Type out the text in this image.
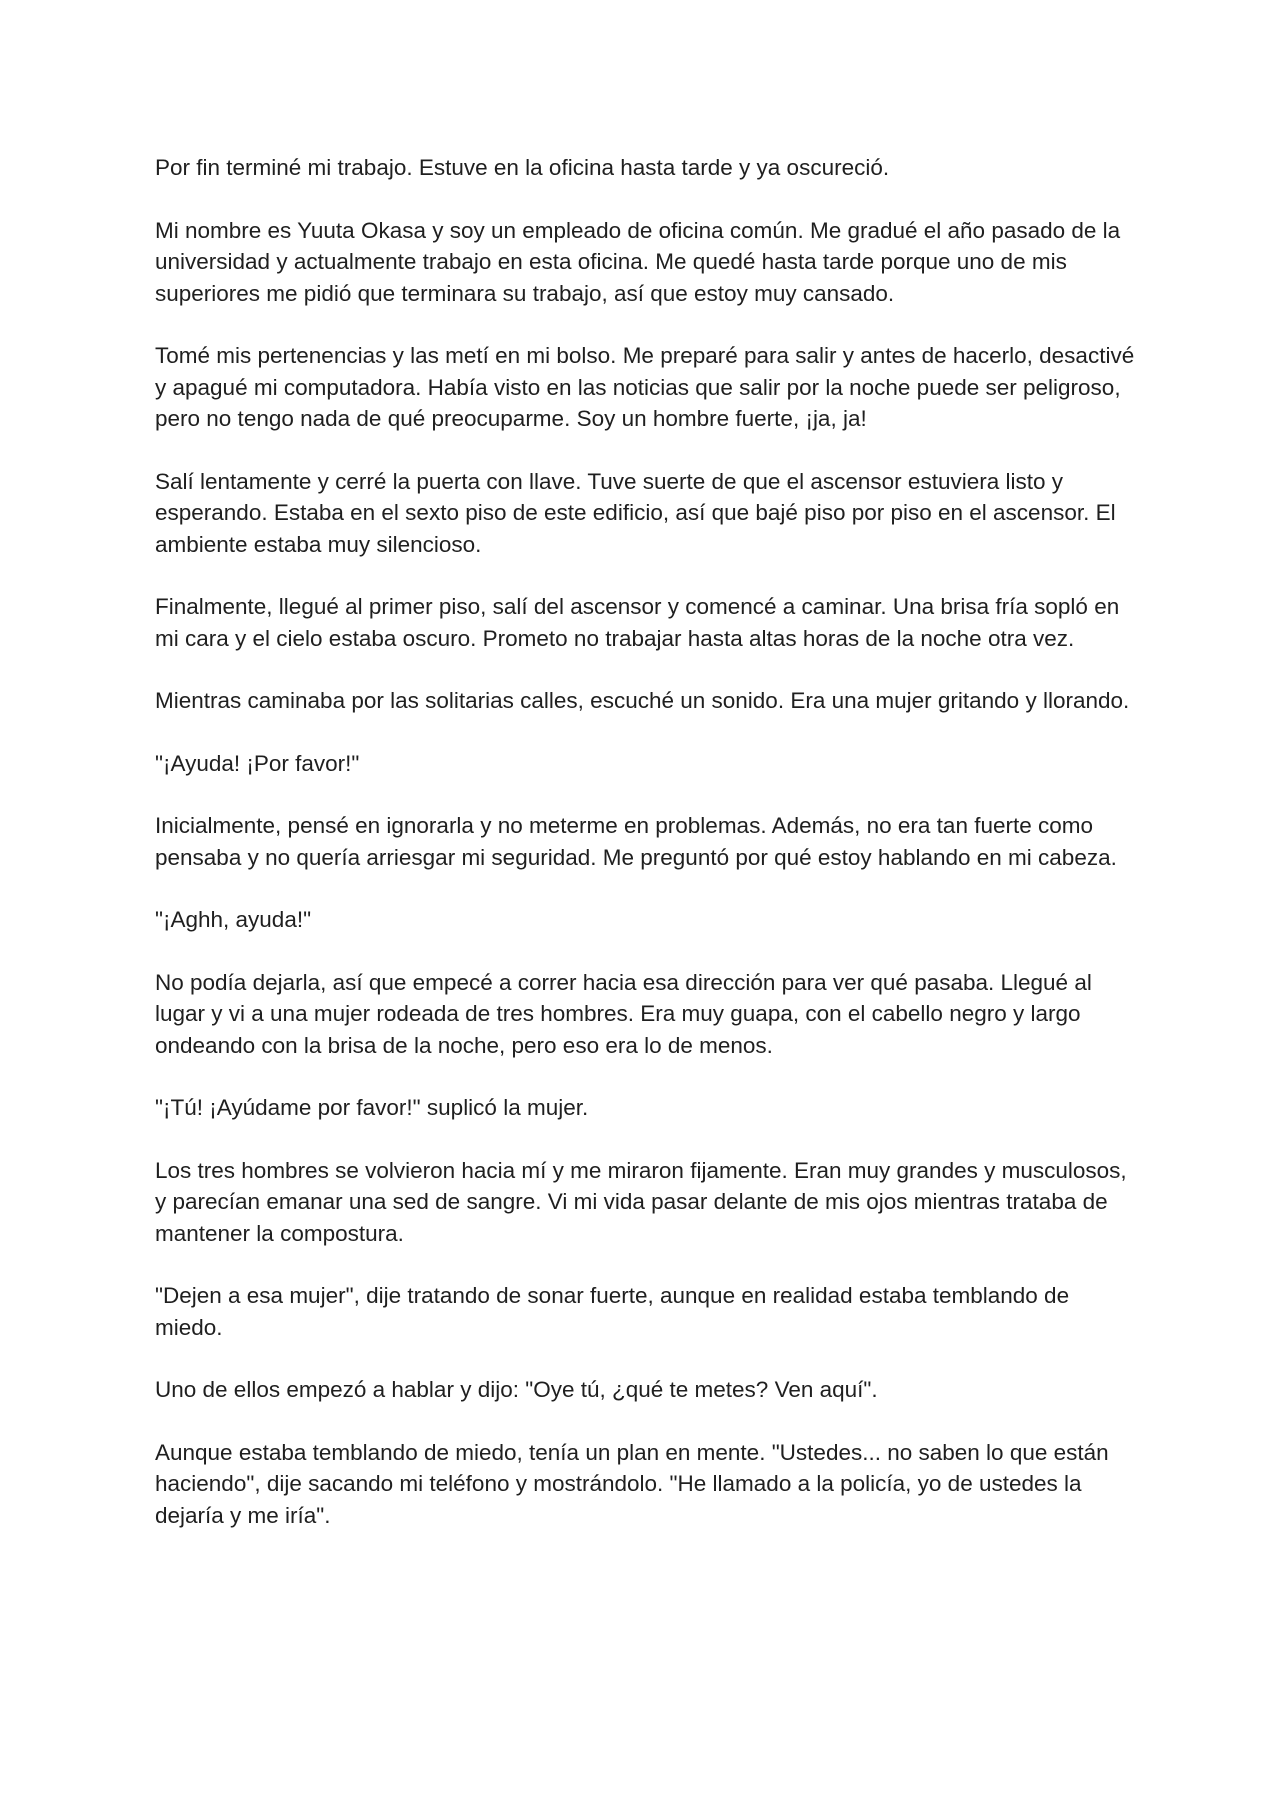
Por fin terminé mi trabajo. Estuve en la oficina hasta tarde y ya oscureció.

Mi nombre es Yuuta Okasa y soy un empleado de oficina común. Me gradué el año pasado de la universidad y actualmente trabajo en esta oficina. Me quedé hasta tarde porque uno de mis superiores me pidió que terminara su trabajo, así que estoy muy cansado.

Tomé mis pertenencias y las metí en mi bolso. Me preparé para salir y antes de hacerlo, desactivé y apagué mi computadora. Había visto en las noticias que salir por la noche puede ser peligroso, pero no tengo nada de qué preocuparme. Soy un hombre fuerte, ¡ja, ja!

Salí lentamente y cerré la puerta con llave. Tuve suerte de que el ascensor estuviera listo y esperando. Estaba en el sexto piso de este edificio, así que bajé piso por piso en el ascensor. El ambiente estaba muy silencioso.

Finalmente, llegué al primer piso, salí del ascensor y comencé a caminar. Una brisa fría sopló en mi cara y el cielo estaba oscuro. Prometo no trabajar hasta altas horas de la noche otra vez.

Mientras caminaba por las solitarias calles, escuché un sonido. Era una mujer gritando y llorando.

"¡Ayuda! ¡Por favor!"

Inicialmente, pensé en ignorarla y no meterme en problemas. Además, no era tan fuerte como pensaba y no quería arriesgar mi seguridad. Me preguntó por qué estoy hablando en mi cabeza.

"¡Aghh, ayuda!"

No podía dejarla, así que empecé a correr hacia esa dirección para ver qué pasaba. Llegué al lugar y vi a una mujer rodeada de tres hombres. Era muy guapa, con el cabello negro y largo ondeando con la brisa de la noche, pero eso era lo de menos.

"¡Tú! ¡Ayúdame por favor!" suplicó la mujer.

Los tres hombres se volvieron hacia mí y me miraron fijamente. Eran muy grandes y musculosos, y parecían emanar una sed de sangre. Vi mi vida pasar delante de mis ojos mientras trataba de mantener la compostura.

"Dejen a esa mujer", dije tratando de sonar fuerte, aunque en realidad estaba temblando de miedo.

Uno de ellos empezó a hablar y dijo: "Oye tú, ¿qué te metes? Ven aquí".

Aunque estaba temblando de miedo, tenía un plan en mente. "Ustedes... no saben lo que están haciendo", dije sacando mi teléfono y mostrándolo. "He llamado a la policía, yo de ustedes la dejaría y me iría".
